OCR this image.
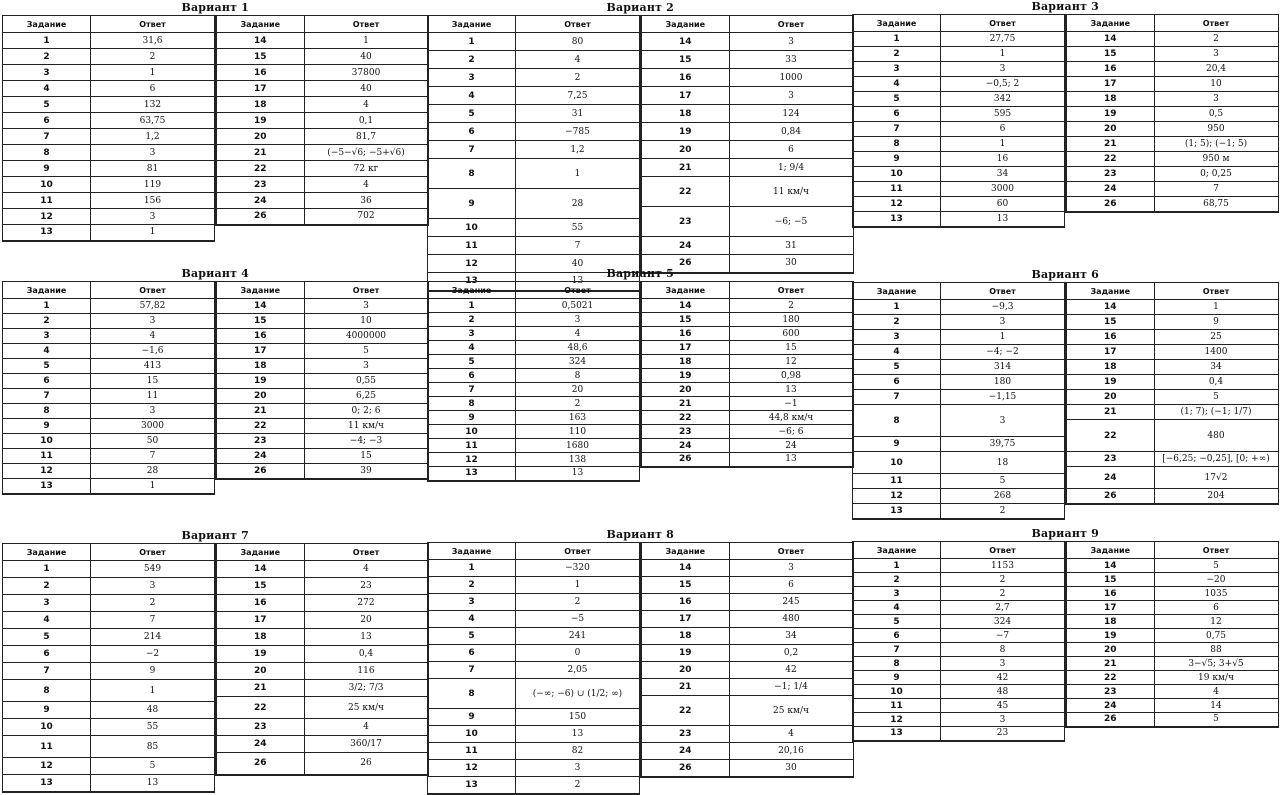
Вариант 1
Задание	Ответ
1	31,6
2	2
3	1
4	6
5	132
6	63,75
7	1,2
8	3
9	81
10	119
11	156
12	3
13	1
Задание	Ответ
14	1
15	40
16	37800
17	40
18	4
19	0,1
20	81,7
21	(−5−√6; −5+√6)
22	72 кг
23	4
24	36
26	702
Вариант 2
Задание	Ответ
1	80
2	4
3	2
4	7,25
5	31
6	−785
7	1,2
8	1
9	28
10	55
11	7
12	40
13	13
Задание	Ответ
14	3
15	33
16	1000
17	3
18	124
19	0,84
20	6
21	1; 9/4
22	11 км/ч
23	−6; −5
24	31
26	30
Вариант 3
Задание	Ответ
1	27,75
2	1
3	3
4	−0,5; 2
5	342
6	595
7	6
8	1
9	16
10	34
11	3000
12	60
13	13
Задание	Ответ
14	2
15	3
16	20,4
17	10
18	3
19	0,5
20	950
21	(1; 5); (−1; 5)
22	950 м
23	0; 0,25
24	7
26	68,75
Вариант 4
Задание	Ответ
1	57,82
2	3
3	4
4	−1,6
5	413
6	15
7	11
8	3
9	3000
10	50
11	7
12	28
13	1
Задание	Ответ
14	3
15	10
16	4000000
17	5
18	3
19	0,55
20	6,25
21	0; 2; 6
22	11 км/ч
23	−4; −3
24	15
26	39
Вариант 5
Задание	Ответ
1	0,5021
2	3
3	4
4	48,6
5	324
6	8
7	20
8	2
9	163
10	110
11	1680
12	138
13	13
Задание	Ответ
14	2
15	180
16	600
17	15
18	12
19	0,98
20	13
21	−1
22	44,8 км/ч
23	−6; 6
24	24
26	13
Вариант 6
Задание	Ответ
1	−9,3
2	3
3	1
4	−4; −2
5	314
6	180
7	−1,15
8	3
9	39,75
10	18
11	5
12	268
13	2
Задание	Ответ
14	1
15	9
16	25
17	1400
18	34
19	0,4
20	5
21	(1; 7); (−1; 1/7)
22	480
23	[−6,25; −0,25], [0; +∞)
24	17√2
26	204
Вариант 7
Задание	Ответ
1	549
2	3
3	2
4	7
5	214
6	−2
7	9
8	1
9	48
10	55
11	85
12	5
13	13
Задание	Ответ
14	4
15	23
16	272
17	20
18	13
19	0,4
20	116
21	3/2; 7/3
22	25 км/ч
23	4
24	360/17
26	26
Вариант 8
Задание	Ответ
1	−320
2	1
3	2
4	−5
5	241
6	0
7	2,05
8	(−∞; −6) ∪ (1/2; ∞)
9	150
10	13
11	82
12	3
13	2
Задание	Ответ
14	3
15	6
16	245
17	480
18	34
19	0,2
20	42
21	−1; 1/4
22	25 км/ч
23	4
24	20,16
26	30
Вариант 9
Задание	Ответ
1	1153
2	2
3	2
4	2,7
5	324
6	−7
7	8
8	3
9	42
10	48
11	45
12	3
13	23
Задание	Ответ
14	5
15	−20
16	1035
17	6
18	12
19	0,75
20	88
21	3−√5; 3+√5
22	19 км/ч
23	4
24	14
26	5
